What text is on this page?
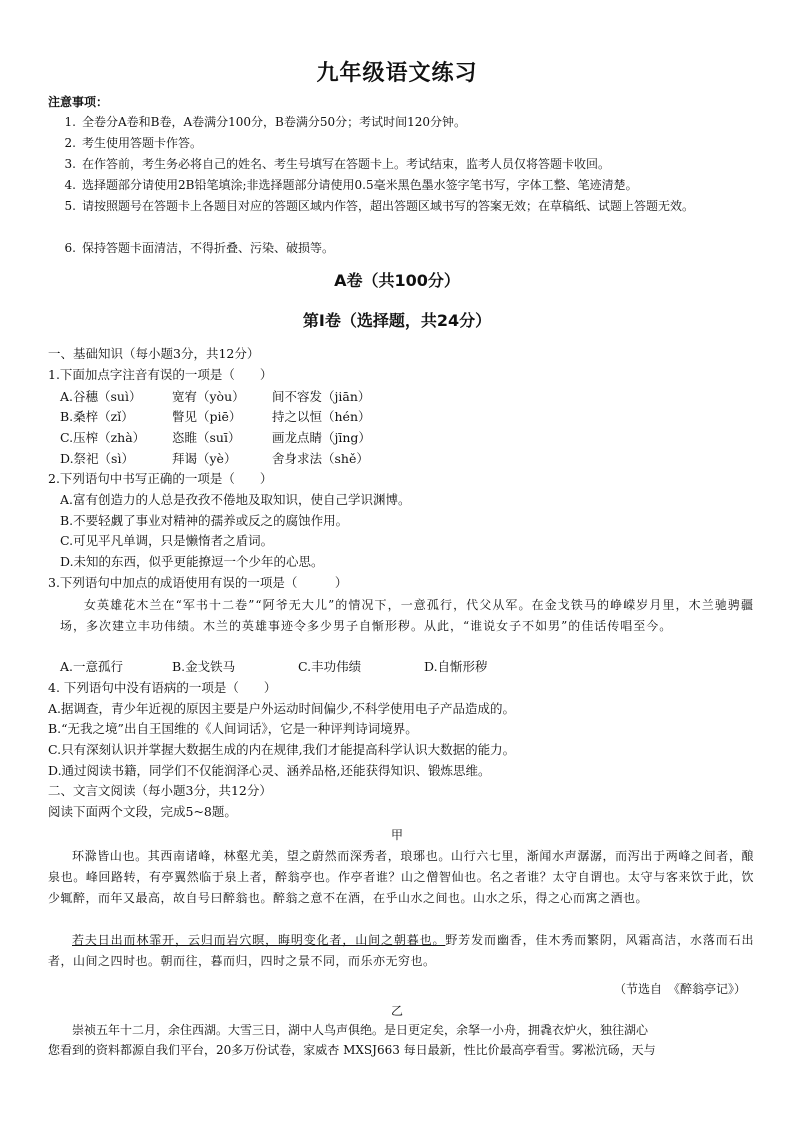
九年级语文练习
注意事项：
1. 全卷分A卷和B卷，A卷满分100分，B卷满分50分；考试时间120分钟。
2. 考生使用答题卡作答。
3. 在作答前，考生务必将自己的姓名、考生号填写在答题卡上。考试结束，监考人员仅将答题卡收回。
4. 选择题部分请使用2B铅笔填涂;非选择题部分请使用0.5毫米黑色墨水签字笔书写，字体工整、笔迹清楚。
5. 请按照题号在答题卡上各题目对应的答题区域内作答，超出答题区域书写的答案无效；在草稿纸、试题上答题无效。
6. 保持答题卡面清洁，不得折叠、污染、破损等。
A卷（共100分）
第I卷（选择题，共24分）
一、基础知识（每小题3分，共12分）
1.下面加点字注音有误的一项是（　　）
A.谷穗（suì） 宽宥（yòu） 间不容发（jiān）
B.桑梓（zǐ）	瞥见（piē） 持之以恒（hén）
C.压榨（zhà） 恣睢（suī）	画龙点睛（jīng）
D.祭祀（sì）	拜谒（yè）	舍身求法（shě）
2.下列语句中书写正确的一项是（　　）
A.富有创造力的人总是孜孜不倦地及取知识，使自己学识渊博。
B.不要轻觑了事业对精神的孺养或反之的腐蚀作用。
C.可见平凡单调，只是懒惰者之盾词。
D.未知的东西，似乎更能撩逗一个少年的心思。
3.下列语句中加点的成语使用有误的一项是（　　　）
女英雄花木兰在“军书十二卷”“阿爷无大儿”的情况下，一意孤行，代父从军。在金戈铁马的峥嵘岁月里，木兰驰骋疆场，多次建立丰功伟绩。木兰的英雄事迹令多少男子自惭形秽。从此，“谁说女子不如男”的佳话传唱至今。
A.一意孤行	B.金戈铁马	C.丰功伟绩	D.自惭形秽
4. 下列语句中没有语病的一项是（　　）
A.据调查，青少年近视的原因主要是户外运动时间偏少,不科学使用电子产品造成的。
B.“无我之境”出自王国维的《人间词话》，它是一种评判诗词境界。
C.只有深刻认识并掌握大数据生成的内在规律,我们才能提高科学认识大数据的能力。
D.通过阅读书籍，同学们不仅能润泽心灵、涵养品格,还能获得知识、锻炼思维。
二、文言文阅读（每小题3分，共12分）
阅读下面两个文段，完成5~8题。
甲
环滁皆山也。其西南诸峰，林壑尤美，望之蔚然而深秀者，琅琊也。山行六七里，渐闻水声潺潺，而泻出于两峰之间者，酿泉也。峰回路转，有亭翼然临于泉上者，醉翁亭也。作亭者谁？山之僧智仙也。名之者谁？太守自谓也。太守与客来饮于此，饮少辄醉，而年又最高，故自号曰醉翁也。醉翁之意不在酒，在乎山水之间也。山水之乐，得之心而寓之酒也。
若夫日出而林霏开，云归而岩穴暝，晦明变化者，山间之朝暮也。野芳发而幽香，佳木秀而繁阴，风霜高洁，水落而石出者，山间之四时也。朝而往，暮而归，四时之景不同，而乐亦无穷也。
（节选自　《醉翁亭记》）
乙
崇祯五年十二月，余住西湖。大雪三日，湖中人鸟声俱绝。是日更定矣，余拏一小舟，拥毳衣炉火，独往湖心
您看到的资料都源自我们平台，20多万份试卷，家威杏 MXSJ663 每日最新，性比价最高亭看雪。雾凇沆砀，天与
